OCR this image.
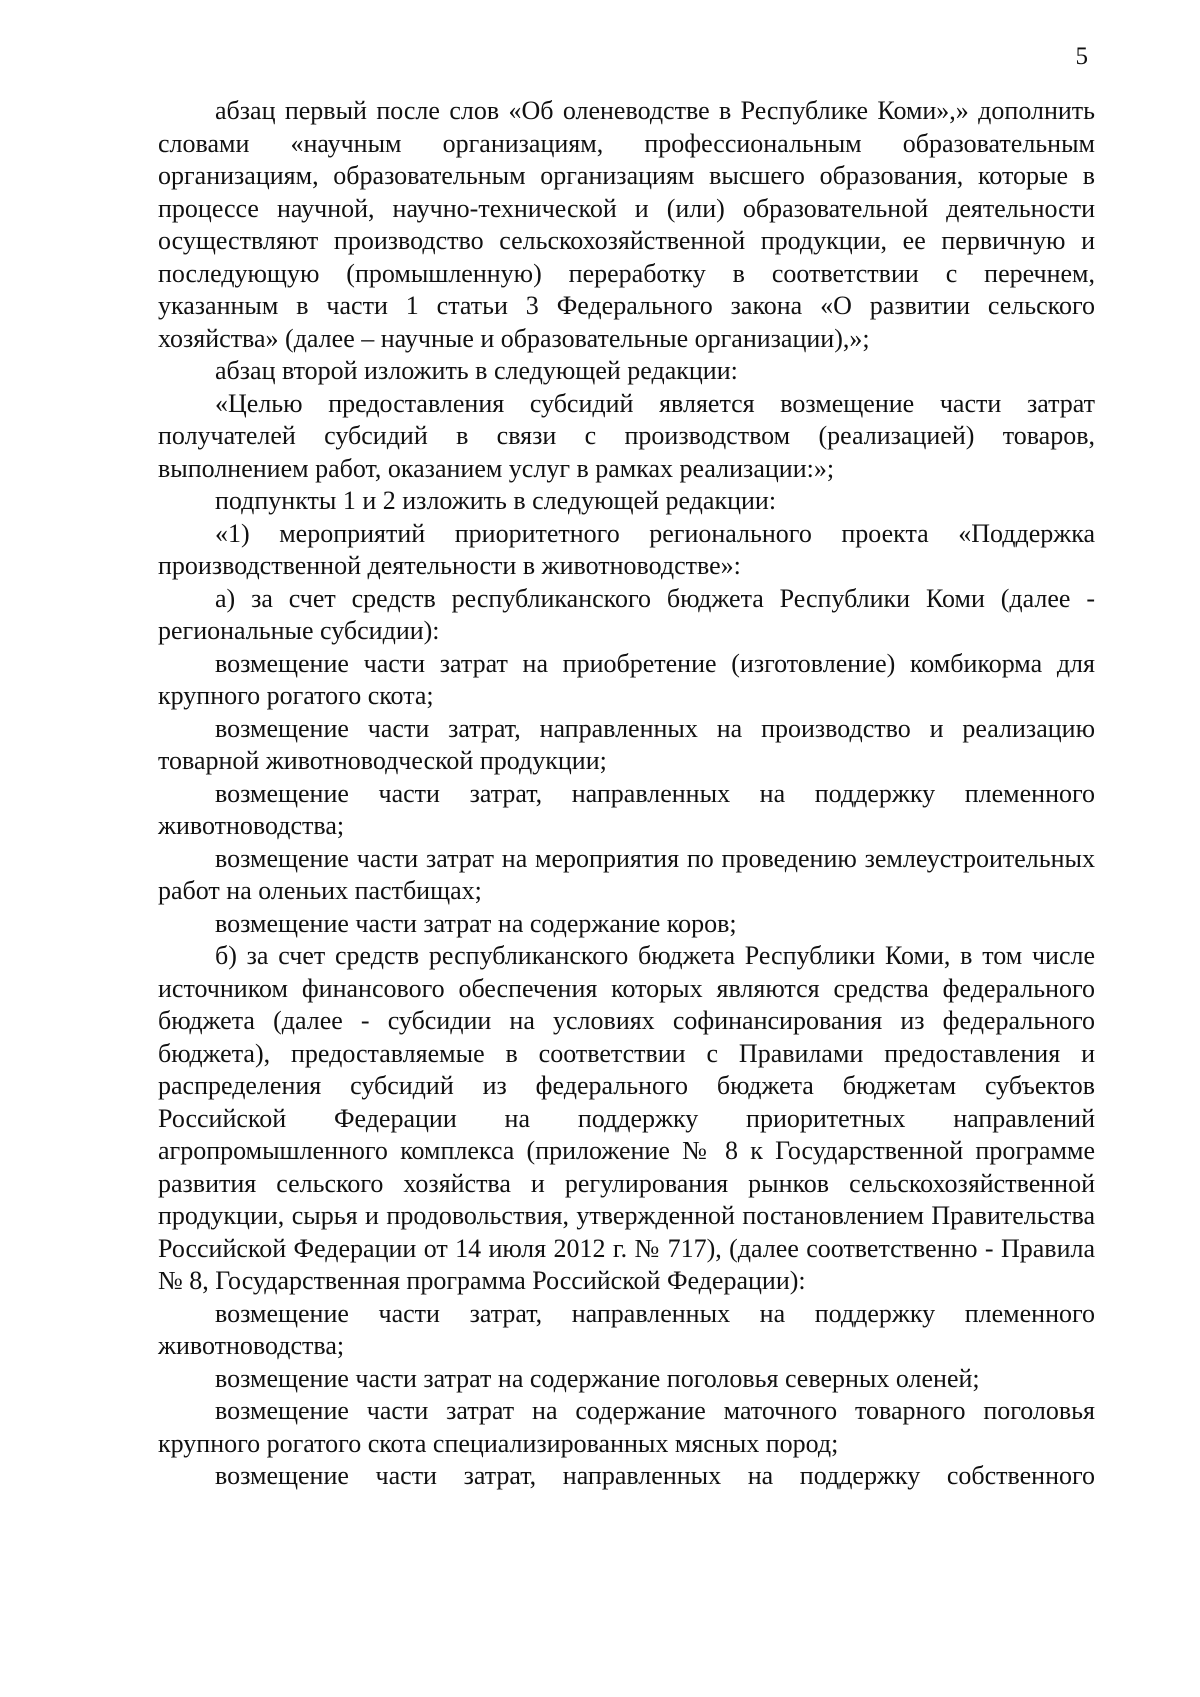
5

абзац первый после слов «Об оленеводстве в Республике Коми»,» дополнить словами «научным организациям, профессиональным образовательным организациям, образовательным организациям высшего образования, которые в процессе научной, научно-технической и (или) образовательной деятельности осуществляют производство сельскохозяйственной продукции, ее первичную и последующую (промышленную) переработку в соответствии с перечнем, указанным в части 1 статьи 3 Федерального закона «О развитии сельского хозяйства» (далее – научные и образовательные организации),»;

абзац второй изложить в следующей редакции:

«Целью предоставления субсидий является возмещение части затрат получателей субсидий в связи с производством (реализацией) товаров, выполнением работ, оказанием услуг в рамках реализации:»;

подпункты 1 и 2 изложить в следующей редакции:

«1) мероприятий приоритетного регионального проекта «Поддержка производственной деятельности в животноводстве»:

а) за счет средств республиканского бюджета Республики Коми (далее - региональные субсидии):

возмещение части затрат на приобретение (изготовление) комбикорма для крупного рогатого скота;

возмещение части затрат, направленных на производство и реализацию товарной животноводческой продукции;

возмещение части затрат, направленных на поддержку племенного животноводства;

возмещение части затрат на мероприятия по проведению землеустроительных работ на оленьих пастбищах;

возмещение части затрат на содержание коров;

б) за счет средств республиканского бюджета Республики Коми, в том числе источником финансового обеспечения которых являются средства федерального бюджета (далее - субсидии на условиях софинансирования из федерального бюджета), предоставляемые в соответствии с Правилами предоставления и распределения субсидий из федерального бюджета бюджетам субъектов Российской Федерации на поддержку приоритетных направлений агропромышленного комплекса (приложение № 8 к Государственной программе развития сельского хозяйства и регулирования рынков сельскохозяйственной продукции, сырья и продовольствия, утвержденной постановлением Правительства Российской Федерации от 14 июля 2012 г. № 717), (далее соответственно - Правила № 8, Государственная программа Российской Федерации):

возмещение части затрат, направленных на поддержку племенного животноводства;

возмещение части затрат на содержание поголовья северных оленей;

возмещение части затрат на содержание маточного товарного поголовья крупного рогатого скота специализированных мясных пород;

возмещение части затрат, направленных на поддержку собственного
